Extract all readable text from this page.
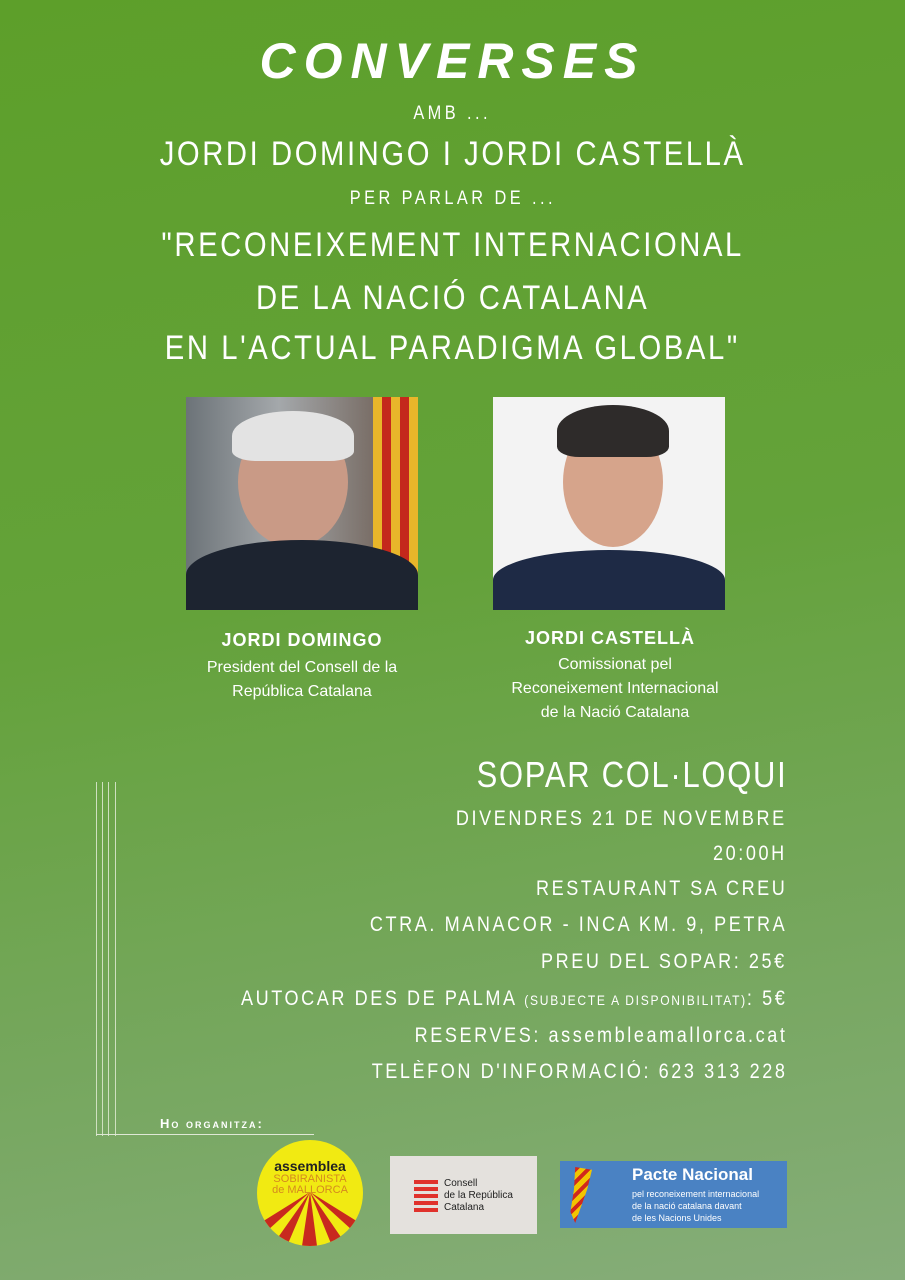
CONVERSES
AMB ...
JORDI DOMINGO I JORDI CASTELLÀ
PER PARLAR DE ...
"RECONEIXEMENT INTERNACIONAL
DE LA NACIÓ CATALANA
EN L'ACTUAL PARADIGMA GLOBAL"
JORDI DOMINGO
President del Consell de la
República Catalana
JORDI CASTELLÀ
Comissionat pel
Reconeixement Internacional
de la Nació Catalana
SOPAR COL·LOQUI
DIVENDRES 21 DE NOVEMBRE
20:00H
RESTAURANT SA CREU
CTRA. MANACOR - INCA KM. 9, PETRA
PREU DEL SOPAR: 25€
AUTOCAR DES DE PALMA (SUBJECTE A DISPONIBILITAT): 5€
RESERVES: assembleamallorca.cat
TELÈFON D'INFORMACIÓ: 623 313 228
Ho organitza:
assemblea
SOBIRANISTA
de MALLORCA
Consell
de la República
Catalana
Pacte Nacional
pel reconeixement internacional
de la nació catalana davant
de les Nacions Unides
